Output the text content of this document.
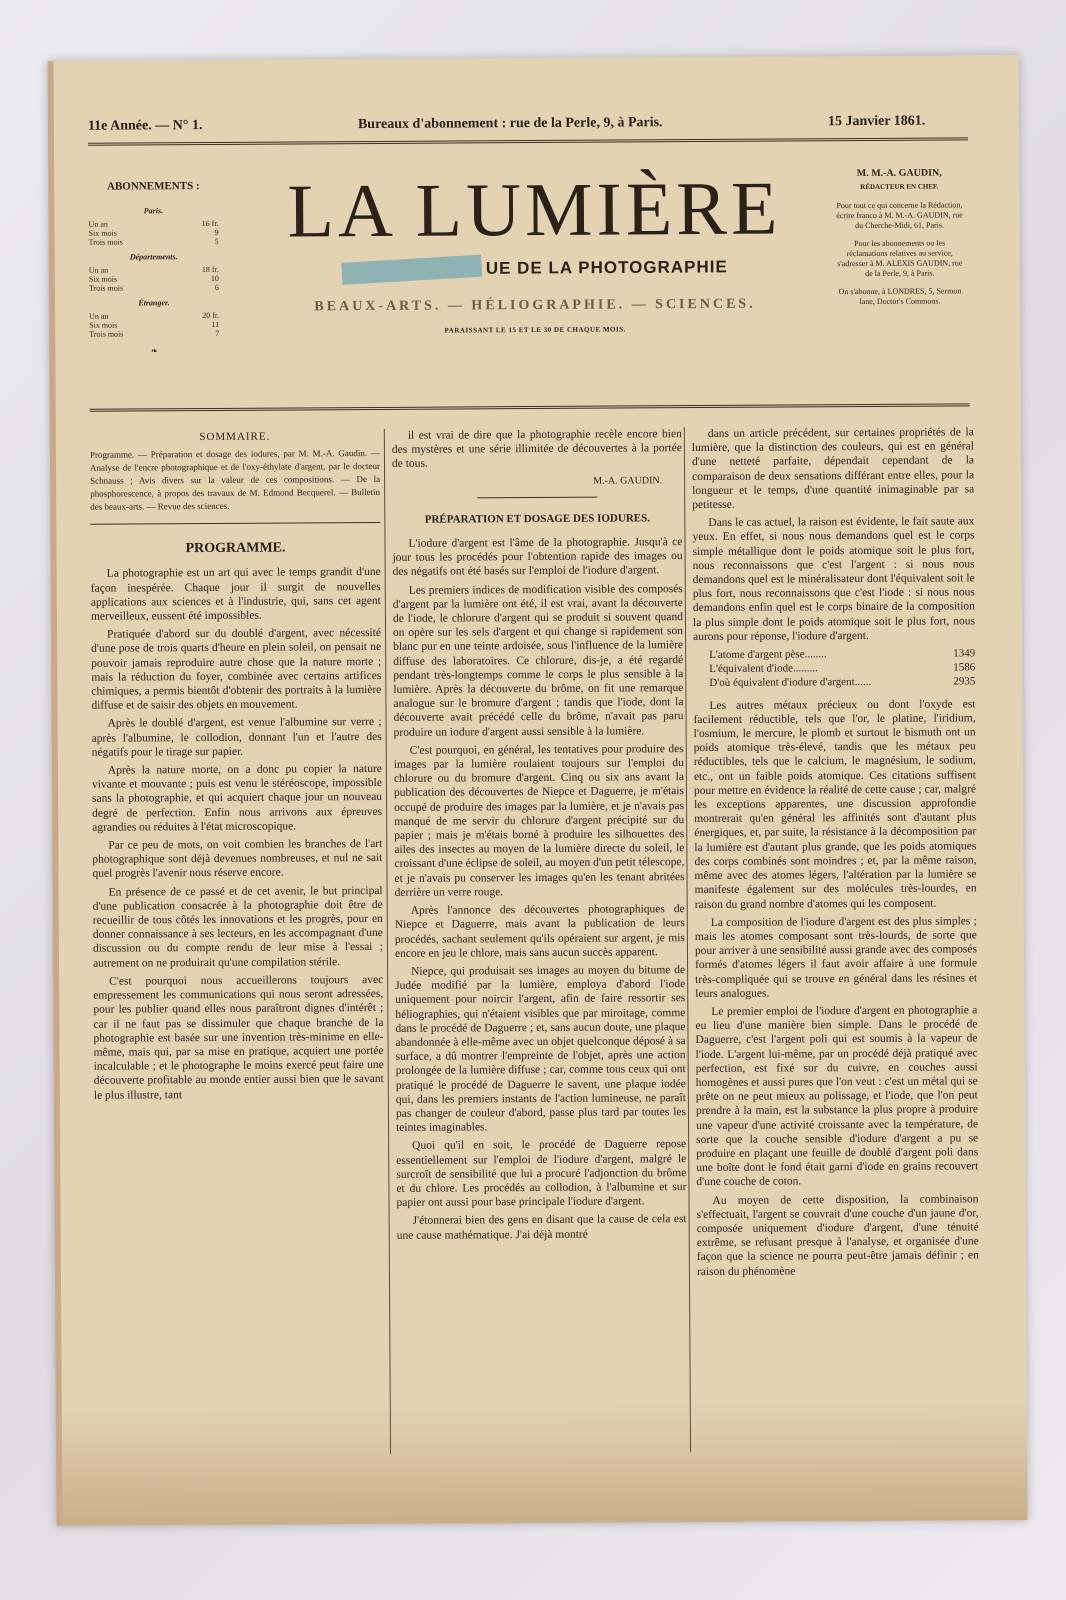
11e Année. — N° 1.	Bureaux d'abonnement : rue de la Perle, 9, à Paris.	15 Janvier 1861.
ABONNEMENTS :
Paris.
Un an	16 fr.
Six mois	9
Trois mois	5
Départements.
Un an	18 fr.
Six mois	10
Trois mois	6
Étranger.
Un an	20 fr.
Six mois	11
Trois mois	7
❧
LA LUMIÈRE
UE DE LA PHOTOGRAPHIE
BEAUX-ARTS. — HÉLIOGRAPHIE. — SCIENCES.
PARAISSANT LE 15 ET LE 30 DE CHAQUE MOIS.
M. M.-A. GAUDIN,
RÉDACTEUR EN CHEF.

Pour tout ce qui concerne la Rédaction, écrire franco à M. M.-A. GAUDIN, rue du Cherche-Midi, 61, Paris.

Pour les abonnements ou les réclamations relatives au service, s'adresser à M. ALEXIS GAUDIN, rue de la Perle, 9, à Paris.

On s'abonne, à LONDRES, 5, Sermon lane, Doctor's Commons.

SOMMAIRE.
Programme. — Préparation et dosage des iodures, par M. M.-A. Gaudin. — Analyse de l'encre photographique et de l'oxy-éthylate d'argent, par le docteur Schnauss ; Avis divers sur la valeur de ces compositions. — De la phosphorescence, à propos des travaux de M. Edmond Becquerel. — Bulletin des beaux-arts. — Revue des sciences.
PROGRAMME.

La photographie est un art qui avec le temps grandit d'une façon inespérée. Chaque jour il surgit de nouvelles applications aux sciences et à l'industrie, qui, sans cet agent merveilleux, eussent été impossibles.

Pratiquée d'abord sur du doublé d'argent, avec nécessité d'une pose de trois quarts d'heure en plein soleil, on pensait ne pouvoir jamais reproduire autre chose que la nature morte ; mais la réduction du foyer, combinée avec certains artifices chimiques, a permis bientôt d'obtenir des portraits à la lumière diffuse et de saisir des objets en mouvement.

Après le doublé d'argent, est venue l'albumine sur verre ; après l'albumine, le collodion, donnant l'un et l'autre des négatifs pour le tirage sur papier.

Après la nature morte, on a donc pu copier la nature vivante et mouvante ; puis est venu le stéréoscope, impossible sans la photographie, et qui acquiert chaque jour un nouveau degré de perfection. Enfin nous arrivons aux épreuves agrandies ou réduites à l'état microscopique.

Par ce peu de mots, on voit combien les branches de l'art photographique sont déjà devenues nombreuses, et nul ne sait quel progrès l'avenir nous réserve encore.

En présence de ce passé et de cet avenir, le but principal d'une publication consacrée à la photographie doit être de recueillir de tous côtés les innovations et les progrès, pour en donner connaissance à ses lecteurs, en les accompagnant d'une discussion ou du compte rendu de leur mise à l'essai ; autrement on ne produirait qu'une compilation stérile.

C'est pourquoi nous accueillerons toujours avec empressement les communications qui nous seront adressées, pour les publier quand elles nous paraîtront dignes d'intérêt ; car il ne faut pas se dissimuler que chaque branche de la photographie est basée sur une invention très-minime en elle-même, mais qui, par sa mise en pratique, acquiert une portée incalculable ; et le photographe le moins exercé peut faire une découverte profitable au monde entier aussi bien que le savant le plus illustre, tant

il est vrai de dire que la photographie recèle encore bien des mystères et une série illimitée de découvertes à la portée de tous.

M.-A. GAUDIN.
PRÉPARATION ET DOSAGE DES IODURES.

L'iodure d'argent est l'âme de la photographie. Jusqu'à ce jour tous les procédés pour l'obtention rapide des images ou des négatifs ont été basés sur l'emploi de l'iodure d'argent.

Les premiers indices de modification visible des composés d'argent par la lumière ont été, il est vrai, avant la découverte de l'iode, le chlorure d'argent qui se produit si souvent quand on opère sur les sels d'argent et qui change si rapidement son blanc pur en une teinte ardoisée, sous l'influence de la lumière diffuse des laboratoires. Ce chlorure, dis-je, a été regardé pendant très-longtemps comme le corps le plus sensible à la lumière. Après la découverte du brôme, on fit une remarque analogue sur le bromure d'argent ; tandis que l'iode, dont la découverte avait précédé celle du brôme, n'avait pas paru produire un iodure d'argent aussi sensible à la lumière.

C'est pourquoi, en général, les tentatives pour produire des images par la lumière roulaient toujours sur l'emploi du chlorure ou du bromure d'argent. Cinq ou six ans avant la publication des découvertes de Niepce et Daguerre, je m'étais occupé de produire des images par la lumière, et je n'avais pas manqué de me servir du chlorure d'argent précipité sur du papier ; mais je m'étais borné à produire les silhouettes des ailes des insectes au moyen de la lumière directe du soleil, le croissant d'une éclipse de soleil, au moyen d'un petit télescope, et je n'avais pu conserver les images qu'en les tenant abritées derrière un verre rouge.

Après l'annonce des découvertes photographiques de Niepce et Daguerre, mais avant la publication de leurs procédés, sachant seulement qu'ils opéraient sur argent, je mis encore en jeu le chlore, mais sans aucun succès apparent.

Niepce, qui produisait ses images au moyen du bitume de Judée modifié par la lumière, employa d'abord l'iode uniquement pour noircir l'argent, afin de faire ressortir ses héliographies, qui n'étaient visibles que par miroitage, comme dans le procédé de Daguerre ; et, sans aucun doute, une plaque abandonnée à elle-même avec un objet quelconque déposé à sa surface, a dû montrer l'empreinte de l'objet, après une action prolongée de la lumière diffuse ; car, comme tous ceux qui ont pratiqué le procédé de Daguerre le savent, une plaque iodée qui, dans les premiers instants de l'action lumineuse, ne paraît pas changer de couleur d'abord, passe plus tard par toutes les teintes imaginables.

Quoi qu'il en soit, le procédé de Daguerre repose essentiellement sur l'emploi de l'iodure d'argent, malgré le surcroît de sensibilité que lui a procuré l'adjonction du brôme et du chlore. Les procédés au collodion, à l'albumine et sur papier ont aussi pour base principale l'iodure d'argent.

J'étonnerai bien des gens en disant que la cause de cela est une cause mathématique. J'ai déjà montré

dans un article précédent, sur certaines propriétés de la lumière, que la distinction des couleurs, qui est en général d'une netteté parfaite, dépendait cependant de la comparaison de deux sensations différant entre elles, pour la longueur et le temps, d'une quantité inimaginable par sa petitesse.

Dans le cas actuel, la raison est évidente, le fait saute aux yeux. En effet, si nous nous demandons quel est le corps simple métallique dont le poids atomique soit le plus fort, nous reconnaissons que c'est l'argent : si nous nous demandons quel est le minéralisateur dont l'équivalent soit le plus fort, nous reconnaissons que c'est l'iode : si nous nous demandons enfin quel est le corps binaire de la composition la plus simple dont le poids atomique soit le plus fort, nous aurons pour réponse, l'iodure d'argent.

L'atome d'argent pèse........	1349
L'équivalent d'iode.........	1586
D'où équivalent d'iodure d'argent......	2935

Les autres métaux précieux ou dont l'oxyde est facilement réductible, tels que l'or, le platine, l'iridium, l'osmium, le mercure, le plomb et surtout le bismuth ont un poids atomique très-élevé, tandis que les métaux peu réductibles, tels que le calcium, le magnésium, le sodium, etc., ont un faible poids atomique. Ces citations suffisent pour mettre en évidence la réalité de cette cause ; car, malgré les exceptions apparentes, une discussion approfondie montrerait qu'en général les affinités sont d'autant plus énergiques, et, par suite, la résistance à la décomposition par la lumière est d'autant plus grande, que les poids atomiques des corps combinés sont moindres ; et, par la même raison, même avec des atomes légers, l'altération par la lumière se manifeste également sur des molécules très-lourdes, en raison du grand nombre d'atomes qui les composent.

La composition de l'iodure d'argent est des plus simples ; mais les atomes composant sont très-lourds, de sorte que pour arriver à une sensibilité aussi grande avec des composés formés d'atomes légers il faut avoir affaire à une formule très-compliquée qui se trouve en général dans les résines et leurs analogues.

Le premier emploi de l'iodure d'argent en photographie a eu lieu d'une manière bien simple. Dans le procédé de Daguerre, c'est l'argent poli qui est soumis à la vapeur de l'iode. L'argent lui-même, par un procédé déjà pratiqué avec perfection, est fixé sur du cuivre, en couches aussi homogènes et aussi pures que l'on veut : c'est un métal qui se prête on ne peut mieux au polissage, et l'iode, que l'on peut prendre à la main, est la substance la plus propre à produire une vapeur d'une activité croissante avec la température, de sorte que la couche sensible d'iodure d'argent a pu se produire en plaçant une feuille de doublé d'argent poli dans une boîte dont le fond était garni d'iode en grains recouvert d'une couche de coton.

Au moyen de cette disposition, la combinaison s'effectuait, l'argent se couvrait d'une couche d'un jaune d'or, composée uniquement d'iodure d'argent, d'une ténuité extrême, se refusant presque à l'analyse, et organisée d'une façon que la science ne pourra peut-être jamais définir ; en raison du phénomène
